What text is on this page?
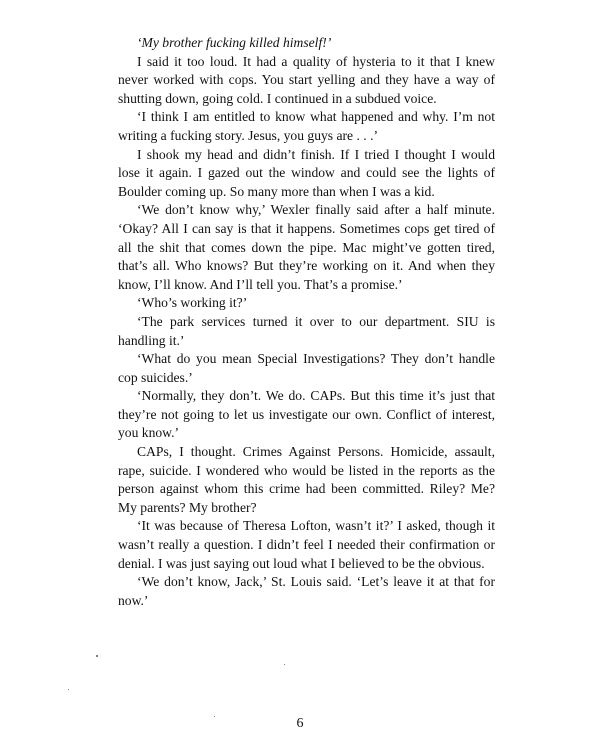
‘My brother fucking killed himself!’

I said it too loud. It had a quality of hysteria to it that I knew never worked with cops. You start yelling and they have a way of shutting down, going cold. I continued in a subdued voice.

‘I think I am entitled to know what happened and why. I’m not writing a fucking story. Jesus, you guys are . . .’

I shook my head and didn’t finish. If I tried I thought I would lose it again. I gazed out the window and could see the lights of Boulder coming up. So many more than when I was a kid.

‘We don’t know why,’ Wexler finally said after a half minute. ‘Okay? All I can say is that it happens. Sometimes cops get tired of all the shit that comes down the pipe. Mac might’ve gotten tired, that’s all. Who knows? But they’re working on it. And when they know, I’ll know. And I’ll tell you. That’s a promise.’

‘Who’s working it?’

‘The park services turned it over to our department. SIU is handling it.’

‘What do you mean Special Investigations? They don’t handle cop suicides.’

‘Normally, they don’t. We do. CAPs. But this time it’s just that they’re not going to let us investigate our own. Conflict of interest, you know.’

CAPs, I thought. Crimes Against Persons. Homicide, assault, rape, suicide. I wondered who would be listed in the reports as the person against whom this crime had been committed. Riley? Me? My parents? My brother?

‘It was because of Theresa Lofton, wasn’t it?’ I asked, though it wasn’t really a question. I didn’t feel I needed their confirmation or denial. I was just saying out loud what I believed to be the obvious.

‘We don’t know, Jack,’ St. Louis said. ‘Let’s leave it at that for now.’

6
